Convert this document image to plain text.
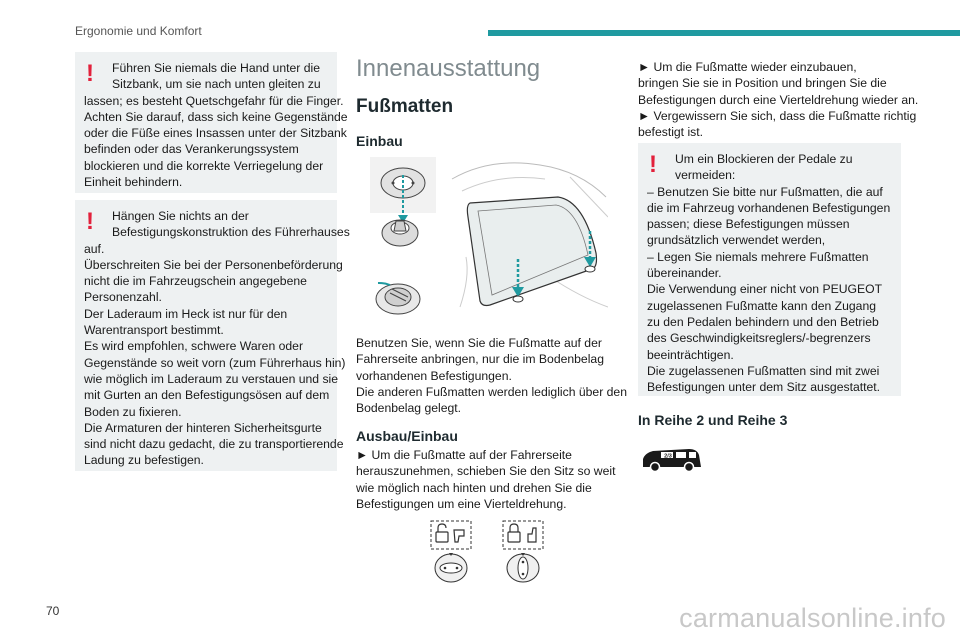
Ergonomie und Komfort
!	Führen Sie niemals die Hand unter die
Sitzbank, um sie nach unten gleiten zu
lassen; es besteht Quetschgefahr für die Finger.
Achten Sie darauf, dass sich keine Gegenstände
oder die Füße eines Insassen unter der Sitzbank
befinden oder das Verankerungssystem
blockieren und die korrekte Verriegelung der
Einheit behindern.
!	Hängen Sie nichts an der
Befestigungskonstruktion des Führerhauses
auf.
Überschreiten Sie bei der Personenbeförderung
nicht die im Fahrzeugschein angegebene
Personenzahl.
Der Laderaum im Heck ist nur für den
Warentransport bestimmt.
Es wird empfohlen, schwere Waren oder
Gegenstände so weit vorn (zum Führerhaus hin)
wie möglich im Laderaum zu verstauen und sie
mit Gurten an den Befestigungsösen auf dem
Boden zu fixieren.
Die Armaturen der hinteren Sicherheitsgurte
sind nicht dazu gedacht, die zu transportierende
Ladung zu befestigen.
Innenausstattung
Fußmatten
Einbau
Benutzen Sie, wenn Sie die Fußmatte auf der
Fahrerseite anbringen, nur die im Bodenbelag
vorhandenen Befestigungen.
Die anderen Fußmatten werden lediglich über den
Bodenbelag gelegt.
Ausbau/Einbau
► Um die Fußmatte auf der Fahrerseite
herauszunehmen, schieben Sie den Sitz so weit
wie möglich nach hinten und drehen Sie die
Befestigungen um eine Vierteldrehung.
► Um die Fußmatte wieder einzubauen,
bringen Sie sie in Position und bringen Sie die
Befestigungen durch eine Vierteldrehung wieder an.
► Vergewissern Sie sich, dass die Fußmatte richtig
befestigt ist.
!	Um ein Blockieren der Pedale zu
vermeiden:
– Benutzen Sie bitte nur Fußmatten, die auf
die im Fahrzeug vorhandenen Befestigungen
passen; diese Befestigungen müssen
grundsätzlich verwendet werden,
– Legen Sie niemals mehrere Fußmatten
übereinander.
Die Verwendung einer nicht von PEUGEOT
zugelassenen Fußmatte kann den Zugang
zu den Pedalen behindern und den Betrieb
des Geschwindigkeitsreglers/-begrenzers
beeinträchtigen.
Die zugelassenen Fußmatten sind mit zwei
Befestigungen unter dem Sitz ausgestattet.
In Reihe 2 und Reihe 3
2/3
70	carmanualsonline.info
